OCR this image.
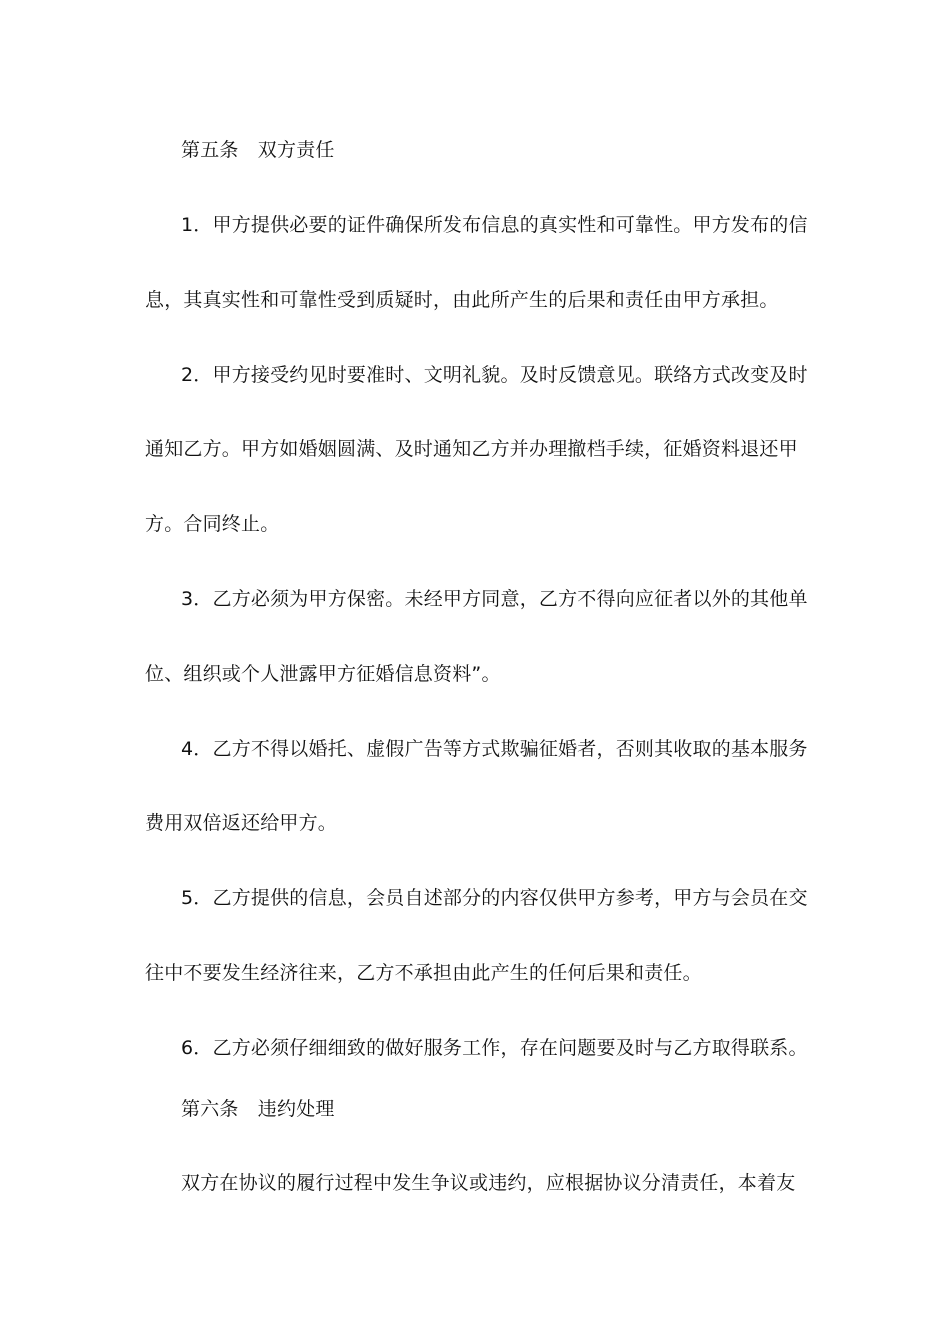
第五条　双方责任
1．甲方提供必要的证件确保所发布信息的真实性和可靠性。甲方发布的信
息，其真实性和可靠性受到质疑时，由此所产生的后果和责任由甲方承担。
2．甲方接受约见时要准时、文明礼貌。及时反馈意见。联络方式改变及时
通知乙方。甲方如婚姻圆满、及时通知乙方并办理撤档手续，征婚资料退还甲
方。合同终止。
3．乙方必须为甲方保密。未经甲方同意，乙方不得向应征者以外的其他单
位、组织或个人泄露甲方征婚信息资料”。
4．乙方不得以婚托、虚假广告等方式欺骗征婚者，否则其收取的基本服务
费用双倍返还给甲方。
5．乙方提供的信息，会员自述部分的内容仅供甲方参考，甲方与会员在交
往中不要发生经济往来，乙方不承担由此产生的任何后果和责任。
6．乙方必须仔细细致的做好服务工作，存在问题要及时与乙方取得联系。
第六条　违约处理
双方在协议的履行过程中发生争议或违约，应根据协议分清责任，本着友
